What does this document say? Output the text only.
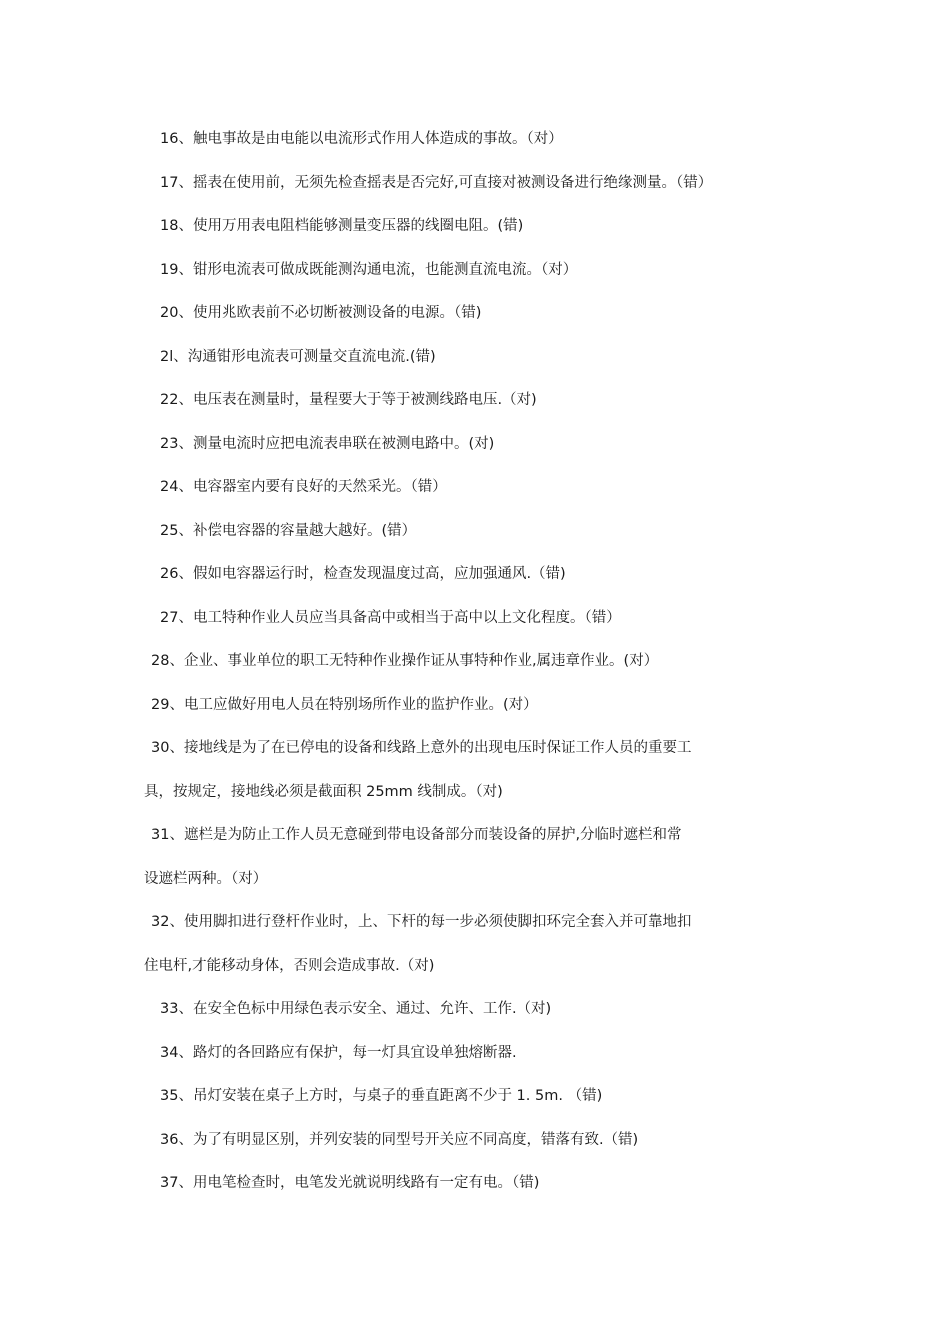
16、触电事故是由电能以电流形式作用人体造成的事故。（对）
17、摇表在使用前，无须先检查摇表是否完好,可直接对被测设备进行绝缘测量。（错）
18、使用万用表电阻档能够测量变压器的线圈电阻。(错)
19、钳形电流表可做成既能测沟通电流，也能测直流电流。（对）
20、使用兆欧表前不必切断被测设备的电源。（错)
2l、沟通钳形电流表可测量交直流电流.(错)
22、电压表在测量时，量程要大于等于被测线路电压.（对)
23、测量电流时应把电流表串联在被测电路中。(对)
24、电容器室内要有良好的天然采光。（错）
25、补偿电容器的容量越大越好。(错）
26、假如电容器运行时，检查发现温度过高，应加强通风.（错)
27、电工特种作业人员应当具备高中或相当于高中以上文化程度。（错）
28、企业、事业单位的职工无特种作业操作证从事特种作业,属违章作业。(对）
29、电工应做好用电人员在特别场所作业的监护作业。(对）
30、接地线是为了在已停电的设备和线路上意外的出现电压时保证工作人员的重要工
具，按规定，接地线必须是截面积 25mm 线制成。（对)
31、遮栏是为防止工作人员无意碰到带电设备部分而装设备的屏护,分临时遮栏和常
设遮栏两种。（对）
32、使用脚扣进行登杆作业时，上、下杆的每一步必须使脚扣环完全套入并可靠地扣
住电杆,才能移动身体，否则会造成事故.（对)
33、在安全色标中用绿色表示安全、通过、允许、工作.（对)
34、路灯的各回路应有保护，每一灯具宜设单独熔断器.
35、吊灯安装在桌子上方时，与桌子的垂直距离不少于 1. 5m. （错)
36、为了有明显区别，并列安装的同型号开关应不同高度，错落有致.（错)
37、用电笔检查时，电笔发光就说明线路有一定有电。（错)
